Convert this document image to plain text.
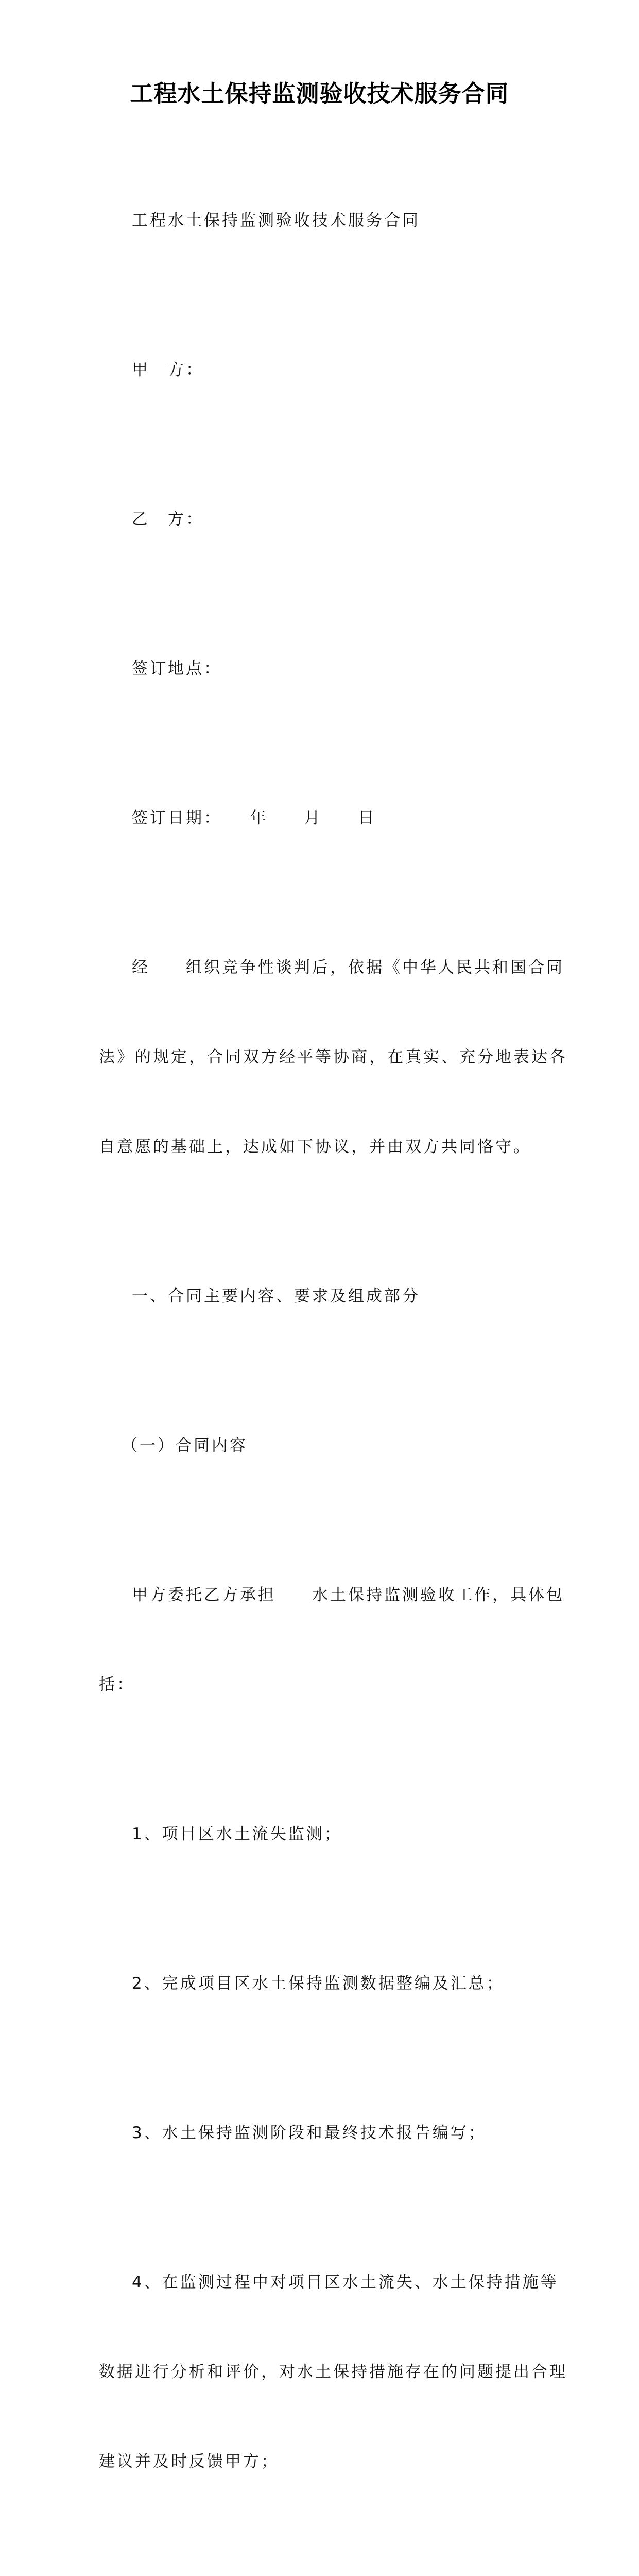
工程水土保持监测验收技术服务合同

工程水土保持监测验收技术服务合同

甲　方：

乙　方：

签订地点：

签订日期：　　年　　月　　日

经　　组织竞争性谈判后，依据《中华人民共和国合同

法》的规定，合同双方经平等协商，在真实、充分地表达各

自意愿的基础上，达成如下协议，并由双方共同恪守。

一、合同主要内容、要求及组成部分

（一）合同内容

甲方委托乙方承担　　水土保持监测验收工作，具体包

括：

1、项目区水土流失监测；

2、完成项目区水土保持监测数据整编及汇总；

3、水土保持监测阶段和最终技术报告编写；

4、在监测过程中对项目区水土流失、水土保持措施等

数据进行分析和评价，对水土保持措施存在的问题提出合理

建议并及时反馈甲方；
